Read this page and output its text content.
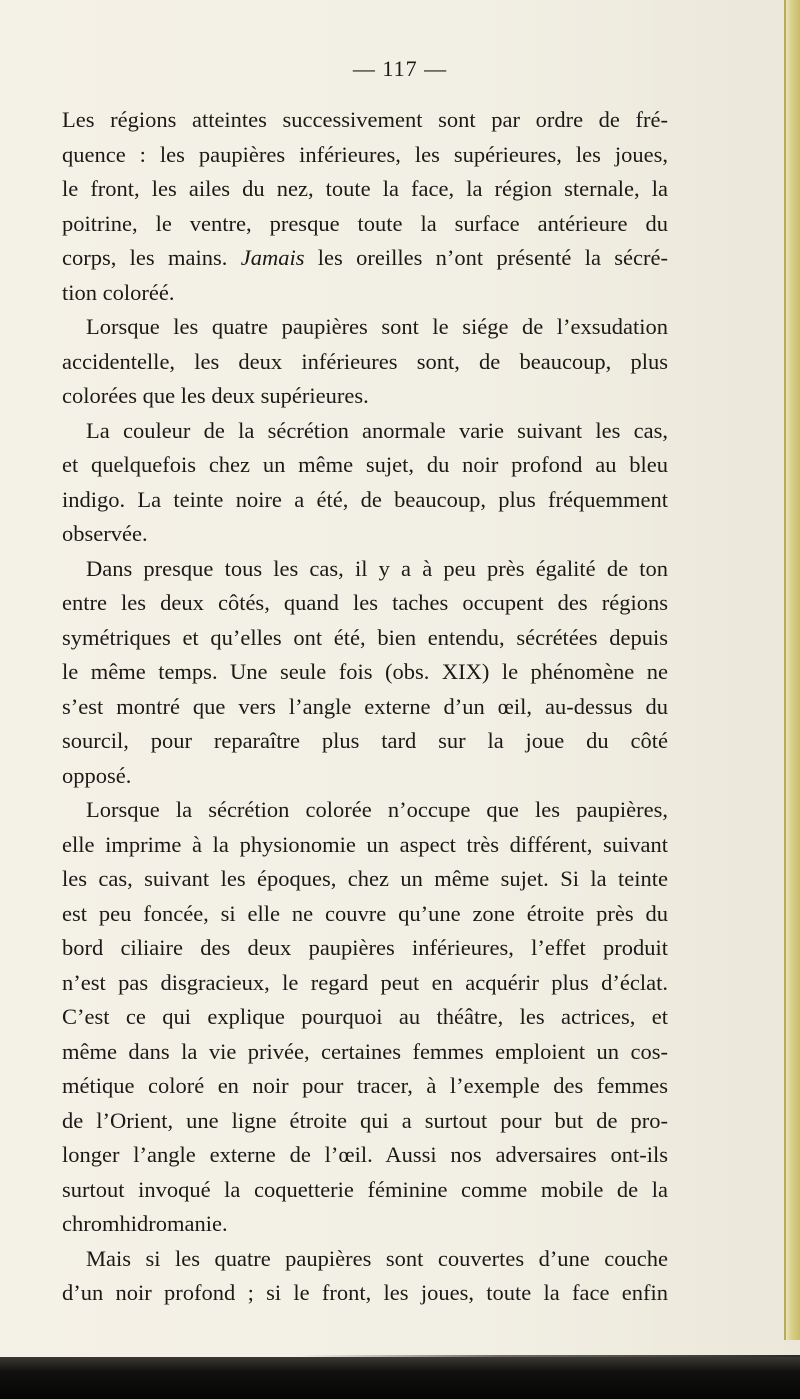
— 117 —
Les régions atteintes successivement sont par ordre de fré-
quence : les paupières inférieures, les supérieures, les joues,
le front, les ailes du nez, toute la face, la région sternale, la
poitrine, le ventre, presque toute la surface antérieure du
corps, les mains. Jamais les oreilles n’ont présenté la sécré-
tion coloréé.
Lorsque les quatre paupières sont le siége de l’exsudation
accidentelle, les deux inférieures sont, de beaucoup, plus
colorées que les deux supérieures.
La couleur de la sécrétion anormale varie suivant les cas,
et quelquefois chez un même sujet, du noir profond au bleu
indigo. La teinte noire a été, de beaucoup, plus fréquemment
observée.
Dans presque tous les cas, il y a à peu près égalité de ton
entre les deux côtés, quand les taches occupent des régions
symétriques et qu’elles ont été, bien entendu, sécrétées depuis
le même temps. Une seule fois (obs. XIX) le phénomène ne
s’est montré que vers l’angle externe d’un œil, au-dessus du
sourcil, pour reparaître plus tard sur la joue du côté
opposé.
Lorsque la sécrétion colorée n’occupe que les paupières,
elle imprime à la physionomie un aspect très différent, suivant
les cas, suivant les époques, chez un même sujet. Si la teinte
est peu foncée, si elle ne couvre qu’une zone étroite près du
bord ciliaire des deux paupières inférieures, l’effet produit
n’est pas disgracieux, le regard peut en acquérir plus d’éclat.
C’est ce qui explique pourquoi au théâtre, les actrices, et
même dans la vie privée, certaines femmes emploient un cos-
métique coloré en noir pour tracer, à l’exemple des femmes
de l’Orient, une ligne étroite qui a surtout pour but de pro-
longer l’angle externe de l’œil. Aussi nos adversaires ont-ils
surtout invoqué la coquetterie féminine comme mobile de la
chromhidromanie.
Mais si les quatre paupières sont couvertes d’une couche
d’un noir profond ; si le front, les joues, toute la face enfin
